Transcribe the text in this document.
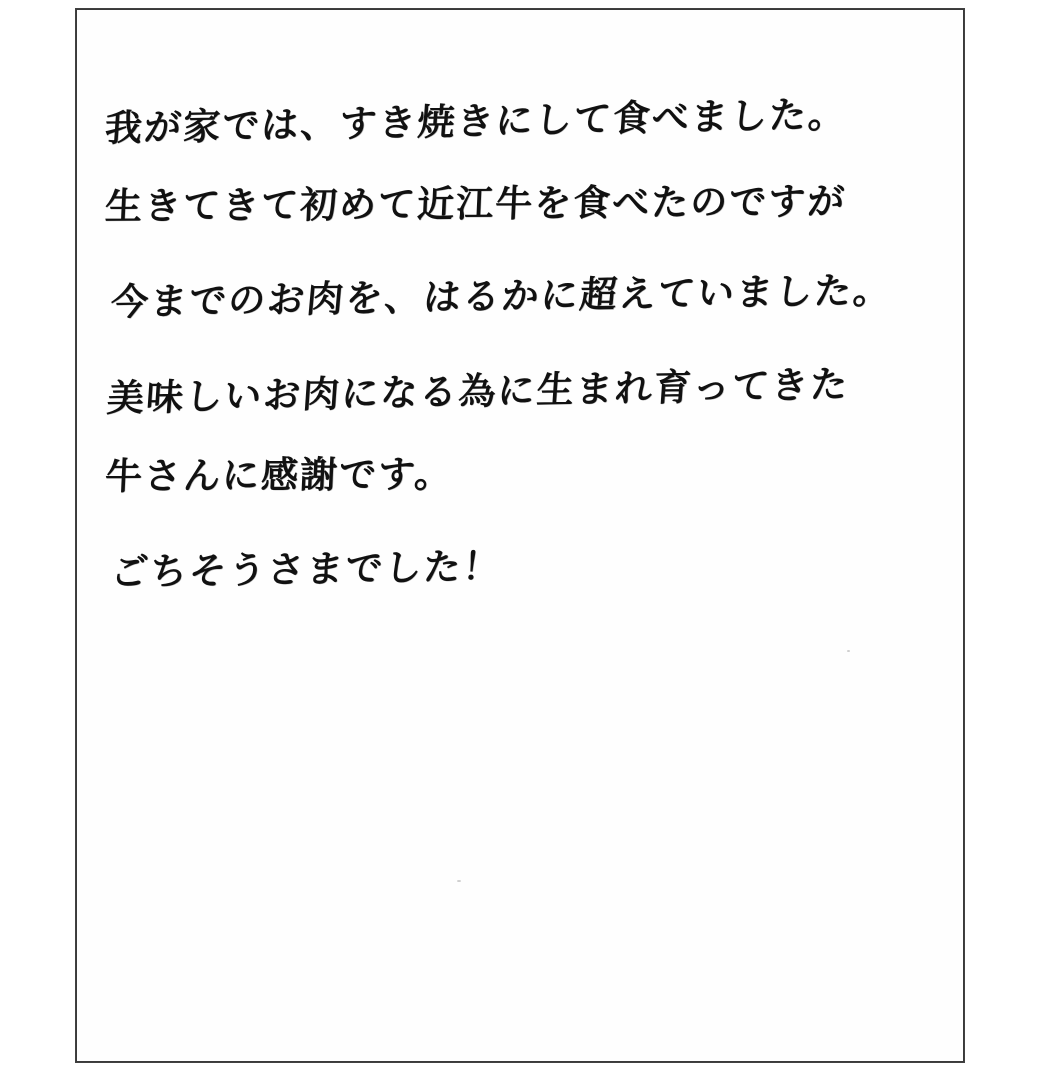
我が家では、すき焼きにして食べました。
生きてきて初めて近江牛を食べたのですが
今までのお肉を、はるかに超えていました。
美味しいお肉になる為に生まれ育ってきた
牛さんに感謝です。
ごちそうさまでした！
